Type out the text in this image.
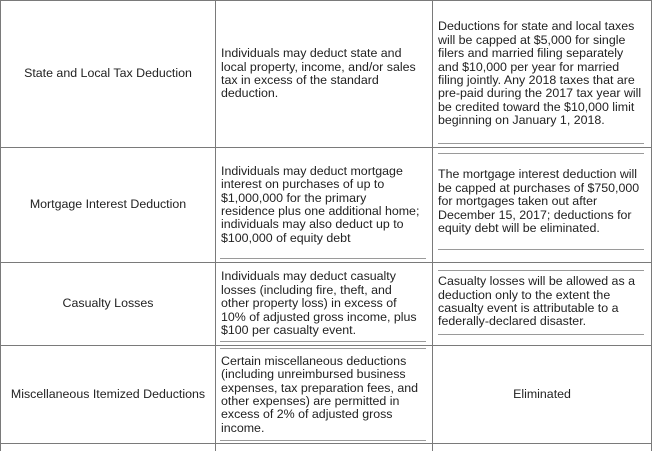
State and Local Tax Deduction
Individuals may deduct state and local property, income, and/or sales tax in excess of the standard deduction.
Deductions for state and local taxes will be capped at $5,000 for single filers and married filing separately and $10,000 per year for married filing jointly. Any 2018 taxes that are pre-paid during the 2017 tax year will be credited toward the $10,000 limit beginning on January 1, 2018.
Mortgage Interest Deduction
Individuals may deduct mortgage interest on purchases of up to $1,000,000 for the primary residence plus one additional home; individuals may also deduct up to $100,000 of equity debt
The mortgage interest deduction will be capped at purchases of $750,000 for mortgages taken out after December 15, 2017; deductions for equity debt will be eliminated.
Casualty Losses
Individuals may deduct casualty losses (including fire, theft, and other property loss) in excess of 10% of adjusted gross income, plus $100 per casualty event.
Casualty losses will be allowed as a deduction only to the extent the casualty event is attributable to a federally-declared disaster.
Miscellaneous Itemized Deductions
Certain miscellaneous deductions (including unreimbursed business expenses, tax preparation fees, and other expenses) are permitted in excess of 2% of adjusted gross income.
Eliminated
